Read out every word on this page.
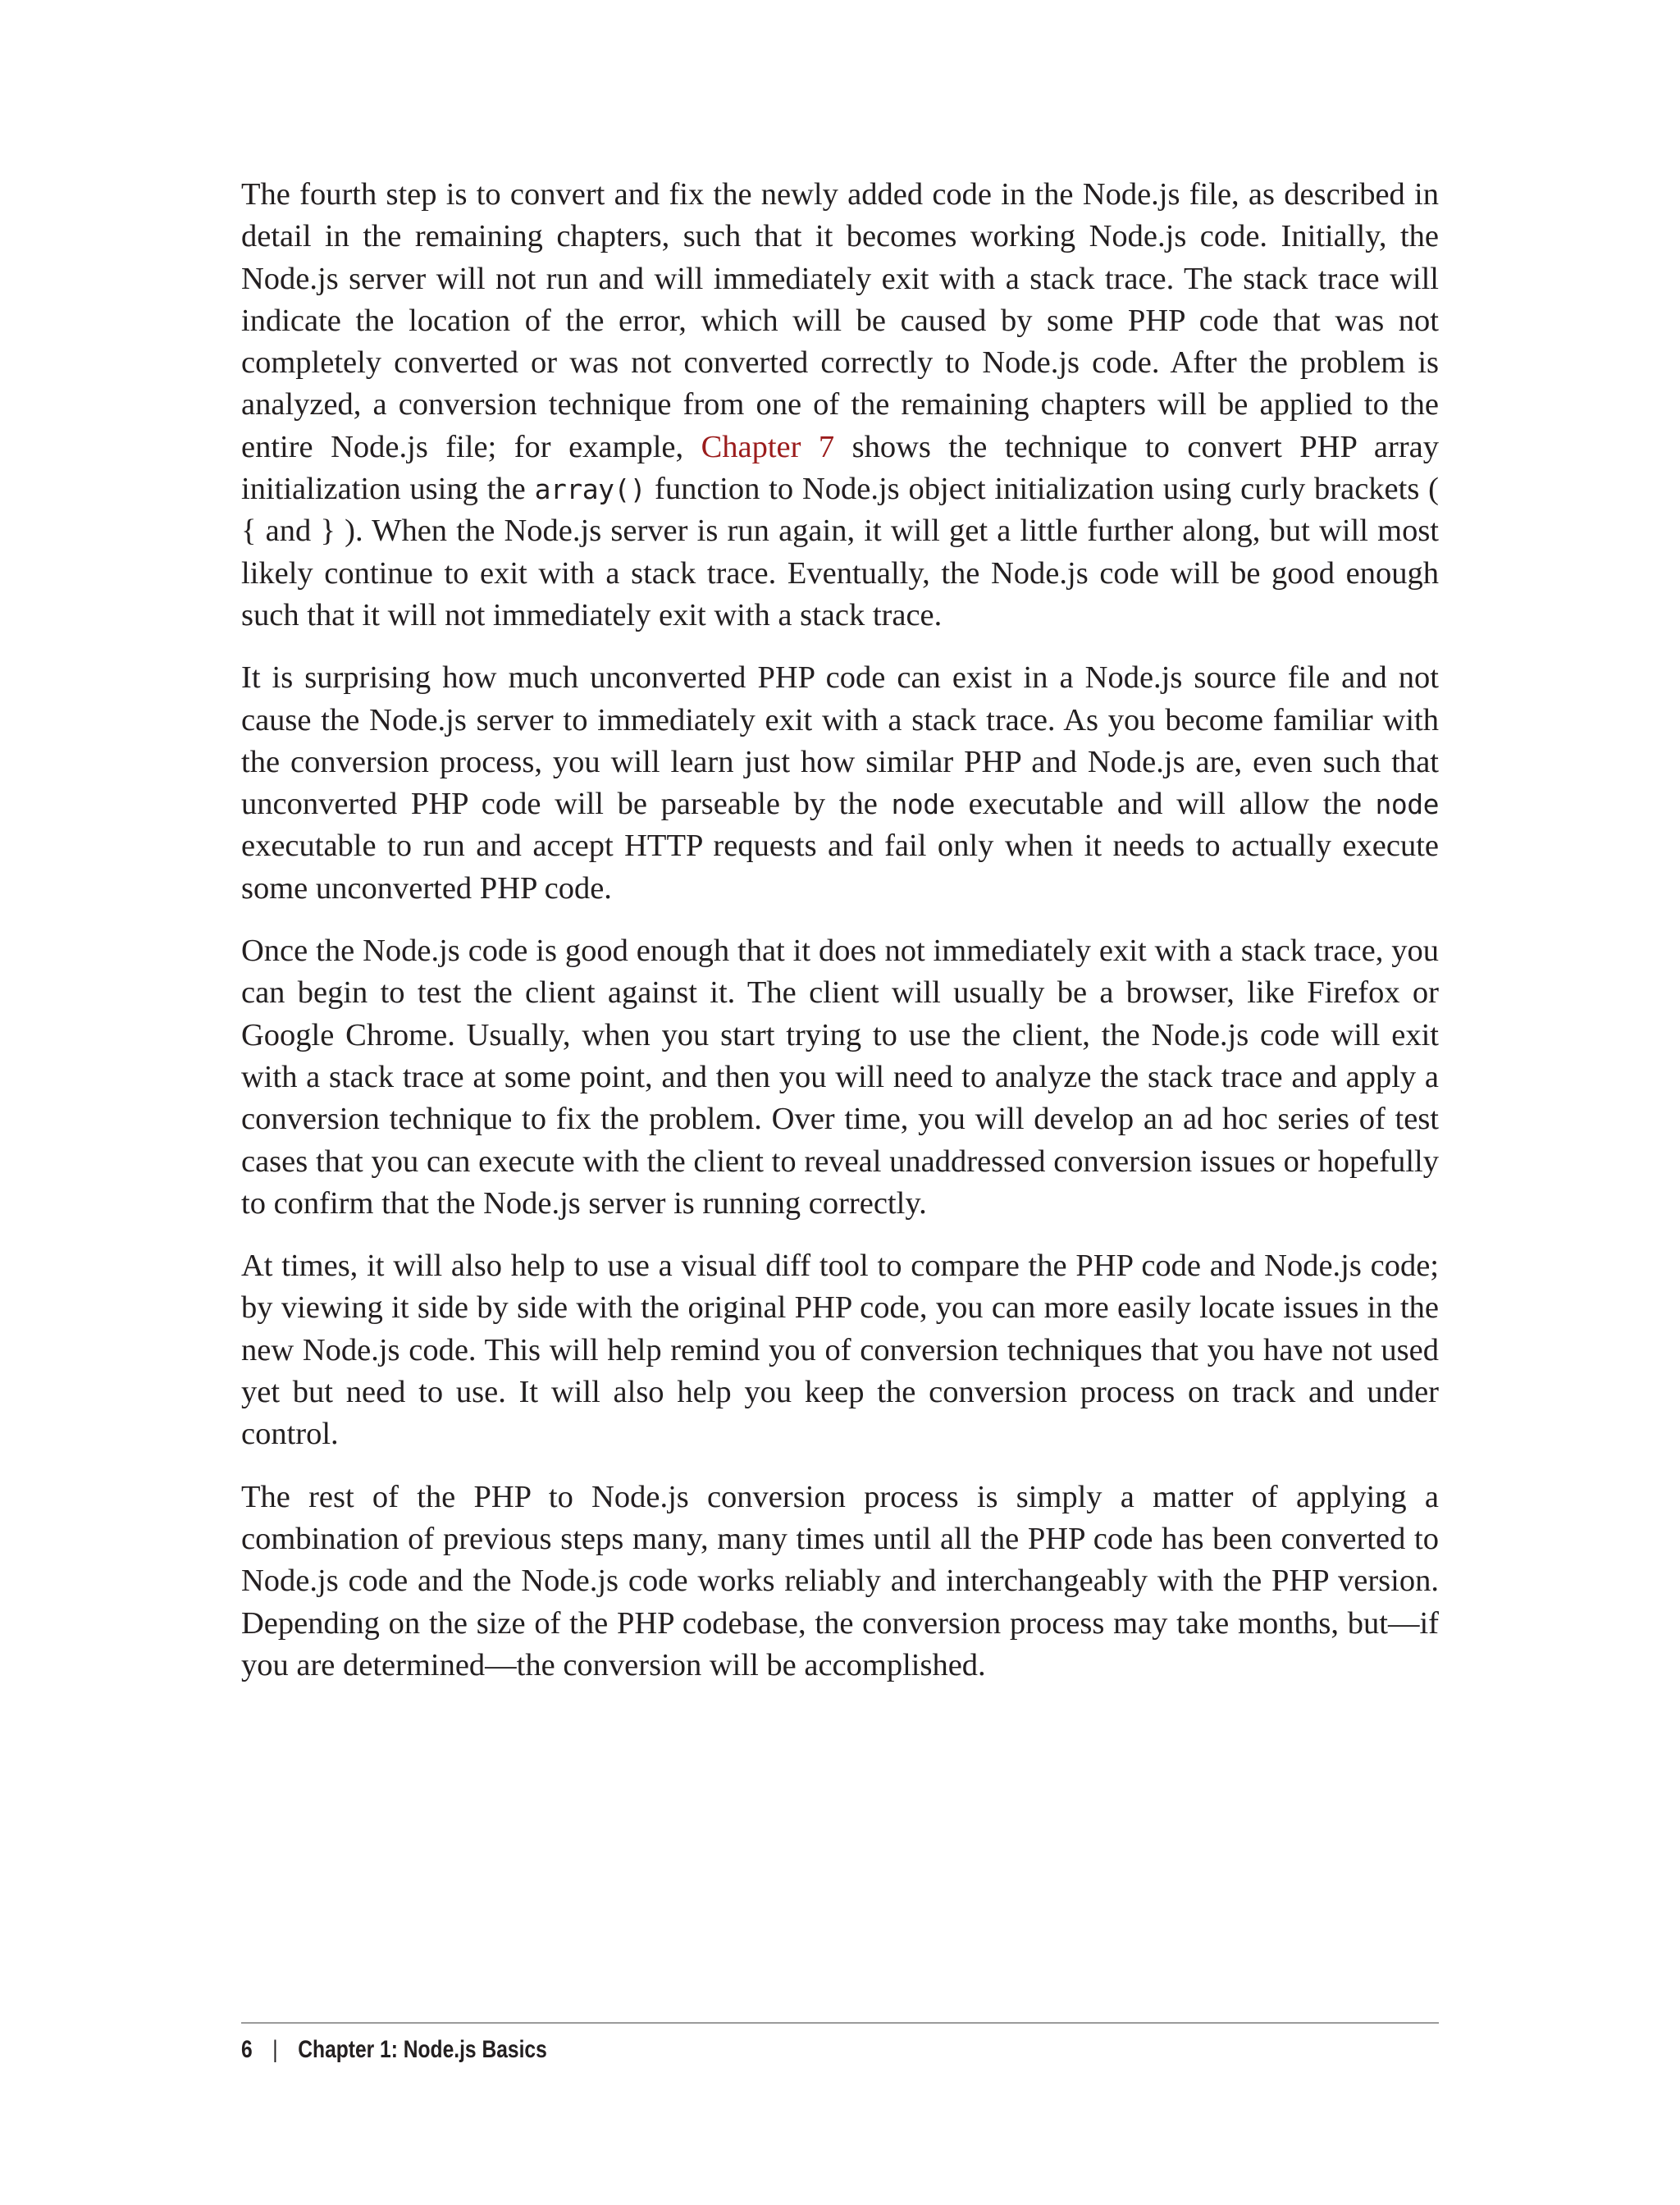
The fourth step is to convert and fix the newly added code in the Node.js file, as described in detail in the remaining chapters, such that it becomes working Node.js code. Initially, the Node.js server will not run and will immediately exit with a stack trace. The stack trace will indicate the location of the error, which will be caused by some PHP code that was not completely converted or was not converted correctly to Node.js code. After the problem is analyzed, a conversion technique from one of the remaining chapters will be applied to the entire Node.js file; for example, Chapter 7 shows the technique to convert PHP array initialization using the array() function to Node.js object initialization using curly brackets ( { and } ). When the Node.js server is run again, it will get a little further along, but will most likely continue to exit with a stack trace. Eventually, the Node.js code will be good enough such that it will not immediately exit with a stack trace.

It is surprising how much unconverted PHP code can exist in a Node.js source file and not cause the Node.js server to immediately exit with a stack trace. As you become familiar with the conversion process, you will learn just how similar PHP and Node.js are, even such that unconverted PHP code will be parseable by the node executable and will allow the node executable to run and accept HTTP requests and fail only when it needs to actually execute some unconverted PHP code.

Once the Node.js code is good enough that it does not immediately exit with a stack trace, you can begin to test the client against it. The client will usually be a browser, like Firefox or Google Chrome. Usually, when you start trying to use the client, the Node.js code will exit with a stack trace at some point, and then you will need to analyze the stack trace and apply a conversion technique to fix the problem. Over time, you will develop an ad hoc series of test cases that you can execute with the client to reveal unaddressed conversion issues or hopefully to confirm that the Node.js server is running correctly.

At times, it will also help to use a visual diff tool to compare the PHP code and Node.js code; by viewing it side by side with the original PHP code, you can more easily locate issues in the new Node.js code. This will help remind you of conversion techniques that you have not used yet but need to use. It will also help you keep the conversion process on track and under control.

The rest of the PHP to Node.js conversion process is simply a matter of applying a combination of previous steps many, many times until all the PHP code has been converted to Node.js code and the Node.js code works reliably and interchangeably with the PHP version. Depending on the size of the PHP codebase, the conversion process may take months, but—if you are determined—the conversion will be accomplished.

6 | Chapter 1: Node.js Basics
